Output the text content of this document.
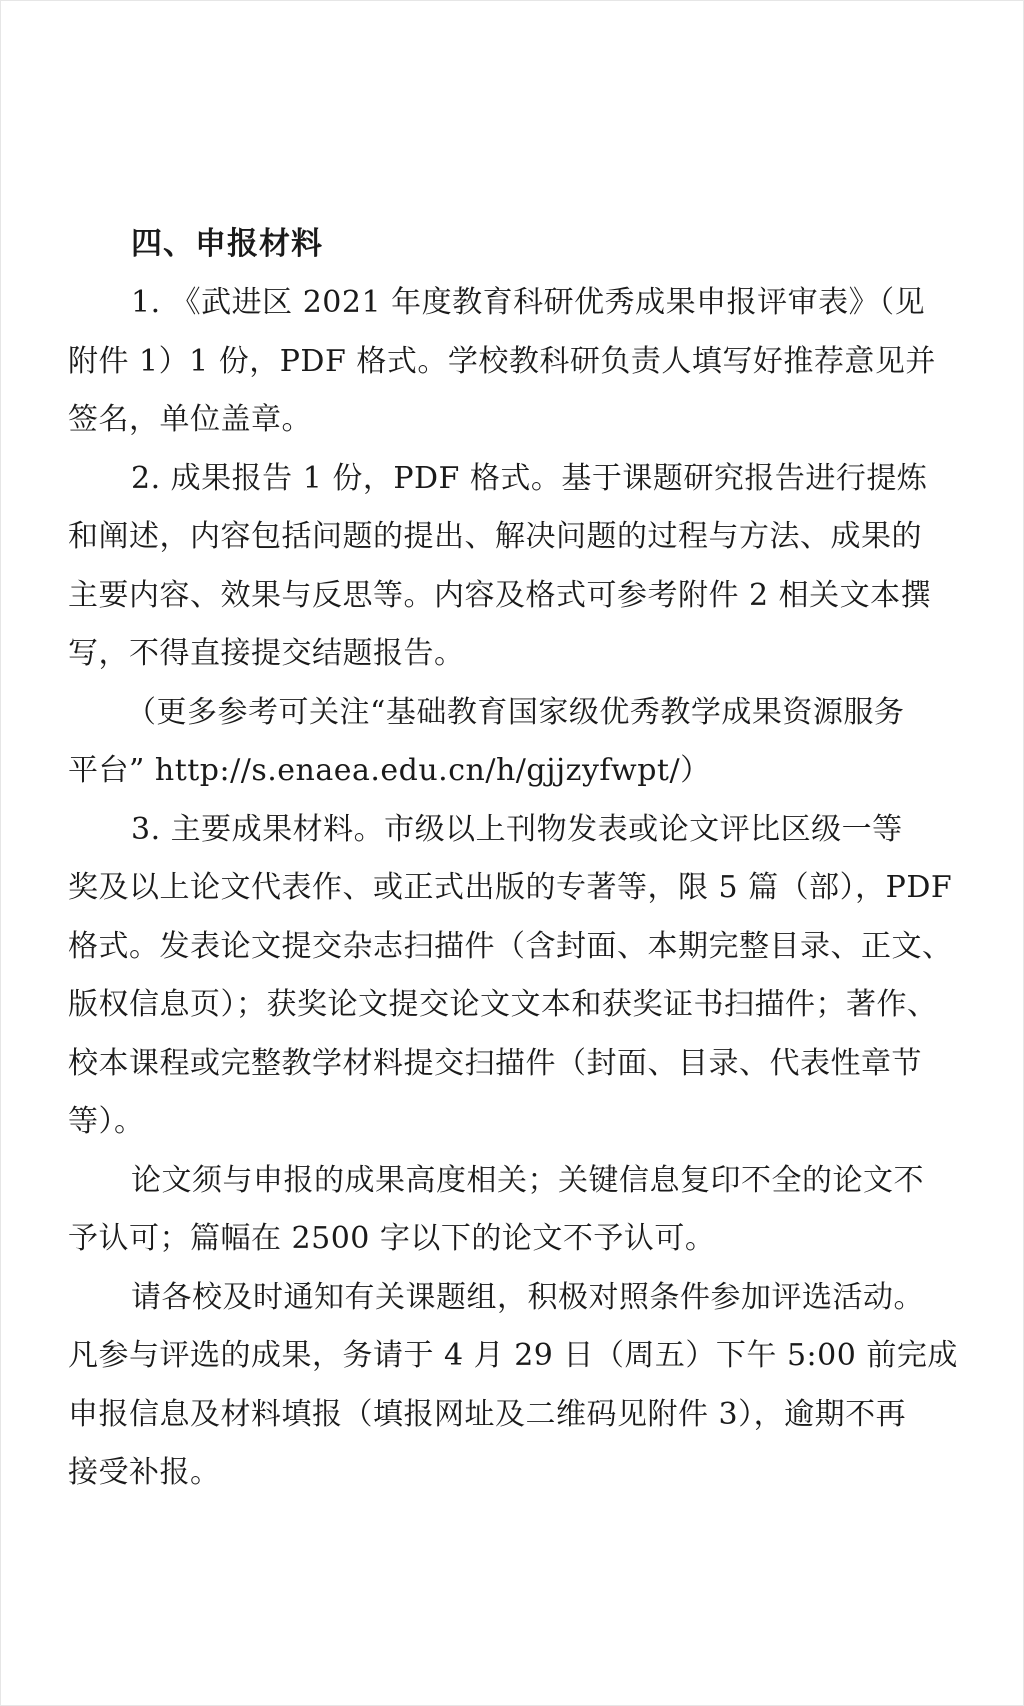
四、申报材料

1. 《武进区 2021 年度教育科研优秀成果申报评审表》（见
附件 1）1 份，PDF 格式。学校教科研负责人填写好推荐意见并
签名，单位盖章。

2. 成果报告 1 份，PDF 格式。基于课题研究报告进行提炼
和阐述，内容包括问题的提出、解决问题的过程与方法、成果的
主要内容、效果与反思等。内容及格式可参考附件 2 相关文本撰
写，不得直接提交结题报告。

（更多参考可关注“基础教育国家级优秀教学成果资源服务
平台” http://s.enaea.edu.cn/h/gjjzyfwpt/）

3. 主要成果材料。市级以上刊物发表或论文评比区级一等
奖及以上论文代表作、或正式出版的专著等，限 5 篇（部），PDF
格式。发表论文提交杂志扫描件（含封面、本期完整目录、正文、
版权信息页）；获奖论文提交论文文本和获奖证书扫描件；著作、
校本课程或完整教学材料提交扫描件（封面、目录、代表性章节
等）。

论文须与申报的成果高度相关；关键信息复印不全的论文不
予认可；篇幅在 2500 字以下的论文不予认可。

请各校及时通知有关课题组，积极对照条件参加评选活动。
凡参与评选的成果，务请于 4 月 29 日（周五）下午 5:00 前完成
申报信息及材料填报（填报网址及二维码见附件 3），逾期不再
接受补报。
